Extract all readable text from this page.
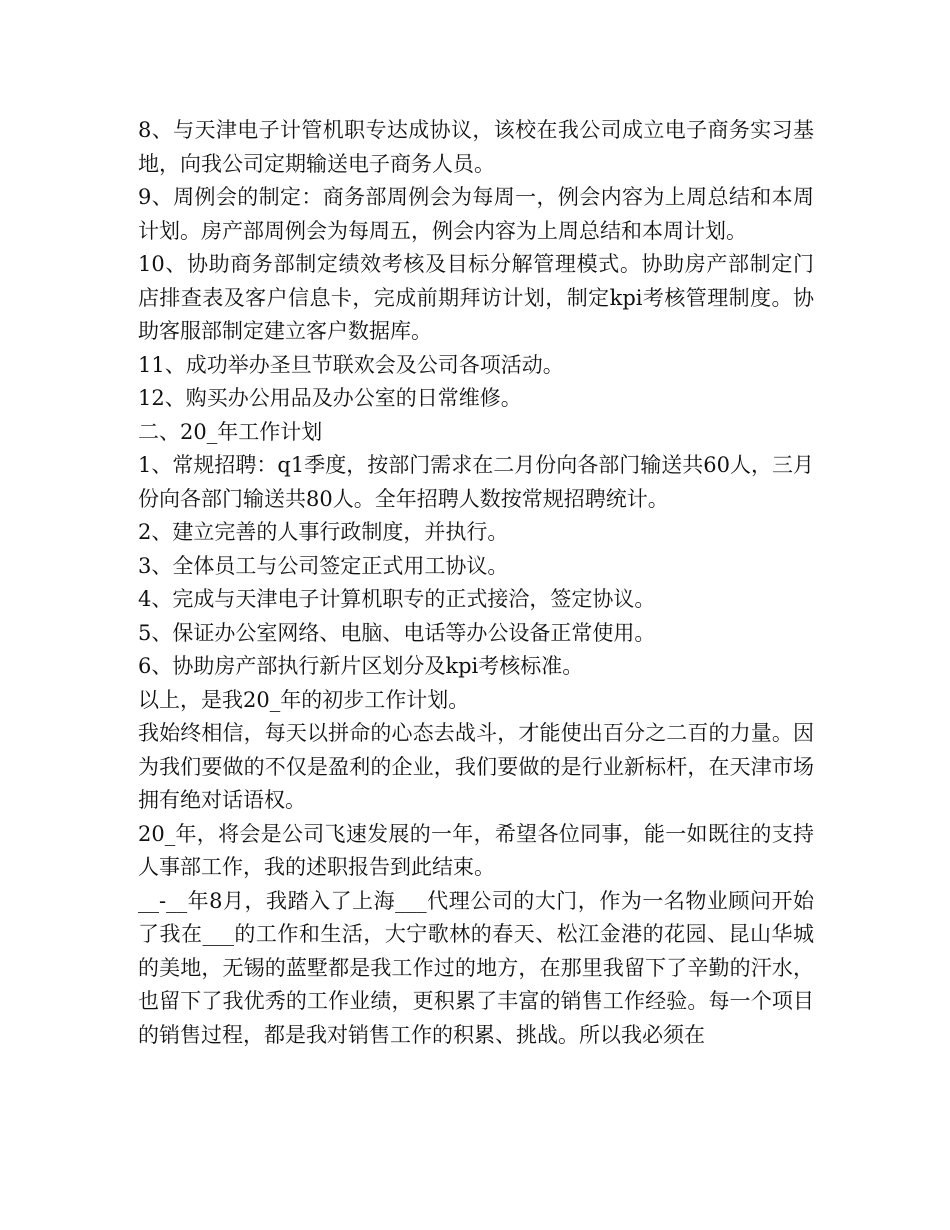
8、与天津电子计管机职专达成协议，该校在我公司成立电子商务实习基地，向我公司定期输送电子商务人员。

9、周例会的制定：商务部周例会为每周一，例会内容为上周总结和本周计划。房产部周例会为每周五，例会内容为上周总结和本周计划。

10、协助商务部制定绩效考核及目标分解管理模式。协助房产部制定门店排查表及客户信息卡，完成前期拜访计划，制定kpi考核管理制度。协助客服部制定建立客户数据库。

11、成功举办圣旦节联欢会及公司各项活动。

12、购买办公用品及办公室的日常维修。

二、20_年工作计划

1、常规招聘：q1季度，按部门需求在二月份向各部门输送共60人，三月份向各部门输送共80人。全年招聘人数按常规招聘统计。

2、建立完善的人事行政制度，并执行。

3、全体员工与公司签定正式用工协议。

4、完成与天津电子计算机职专的正式接洽，签定协议。

5、保证办公室网络、电脑、电话等办公设备正常使用。

6、协助房产部执行新片区划分及kpi考核标准。

以上，是我20_年的初步工作计划。

我始终相信，每天以拼命的心态去战斗，才能使出百分之二百的力量。因为我们要做的不仅是盈利的企业，我们要做的是行业新标杆，在天津市场拥有绝对话语权。

20_年，将会是公司飞速发展的一年，希望各位同事，能一如既往的支持人事部工作，我的述职报告到此结束。

__-__年8月，我踏入了上海___代理公司的大门，作为一名物业顾问开始了我在___的工作和生活，大宁歌林的春天、松江金港的花园、昆山华城的美地，无锡的蓝墅都是我工作过的地方，在那里我留下了辛勤的汗水，也留下了我优秀的工作业绩，更积累了丰富的销售工作经验。每一个项目的销售过程，都是我对销售工作的积累、挑战。所以我必须在
